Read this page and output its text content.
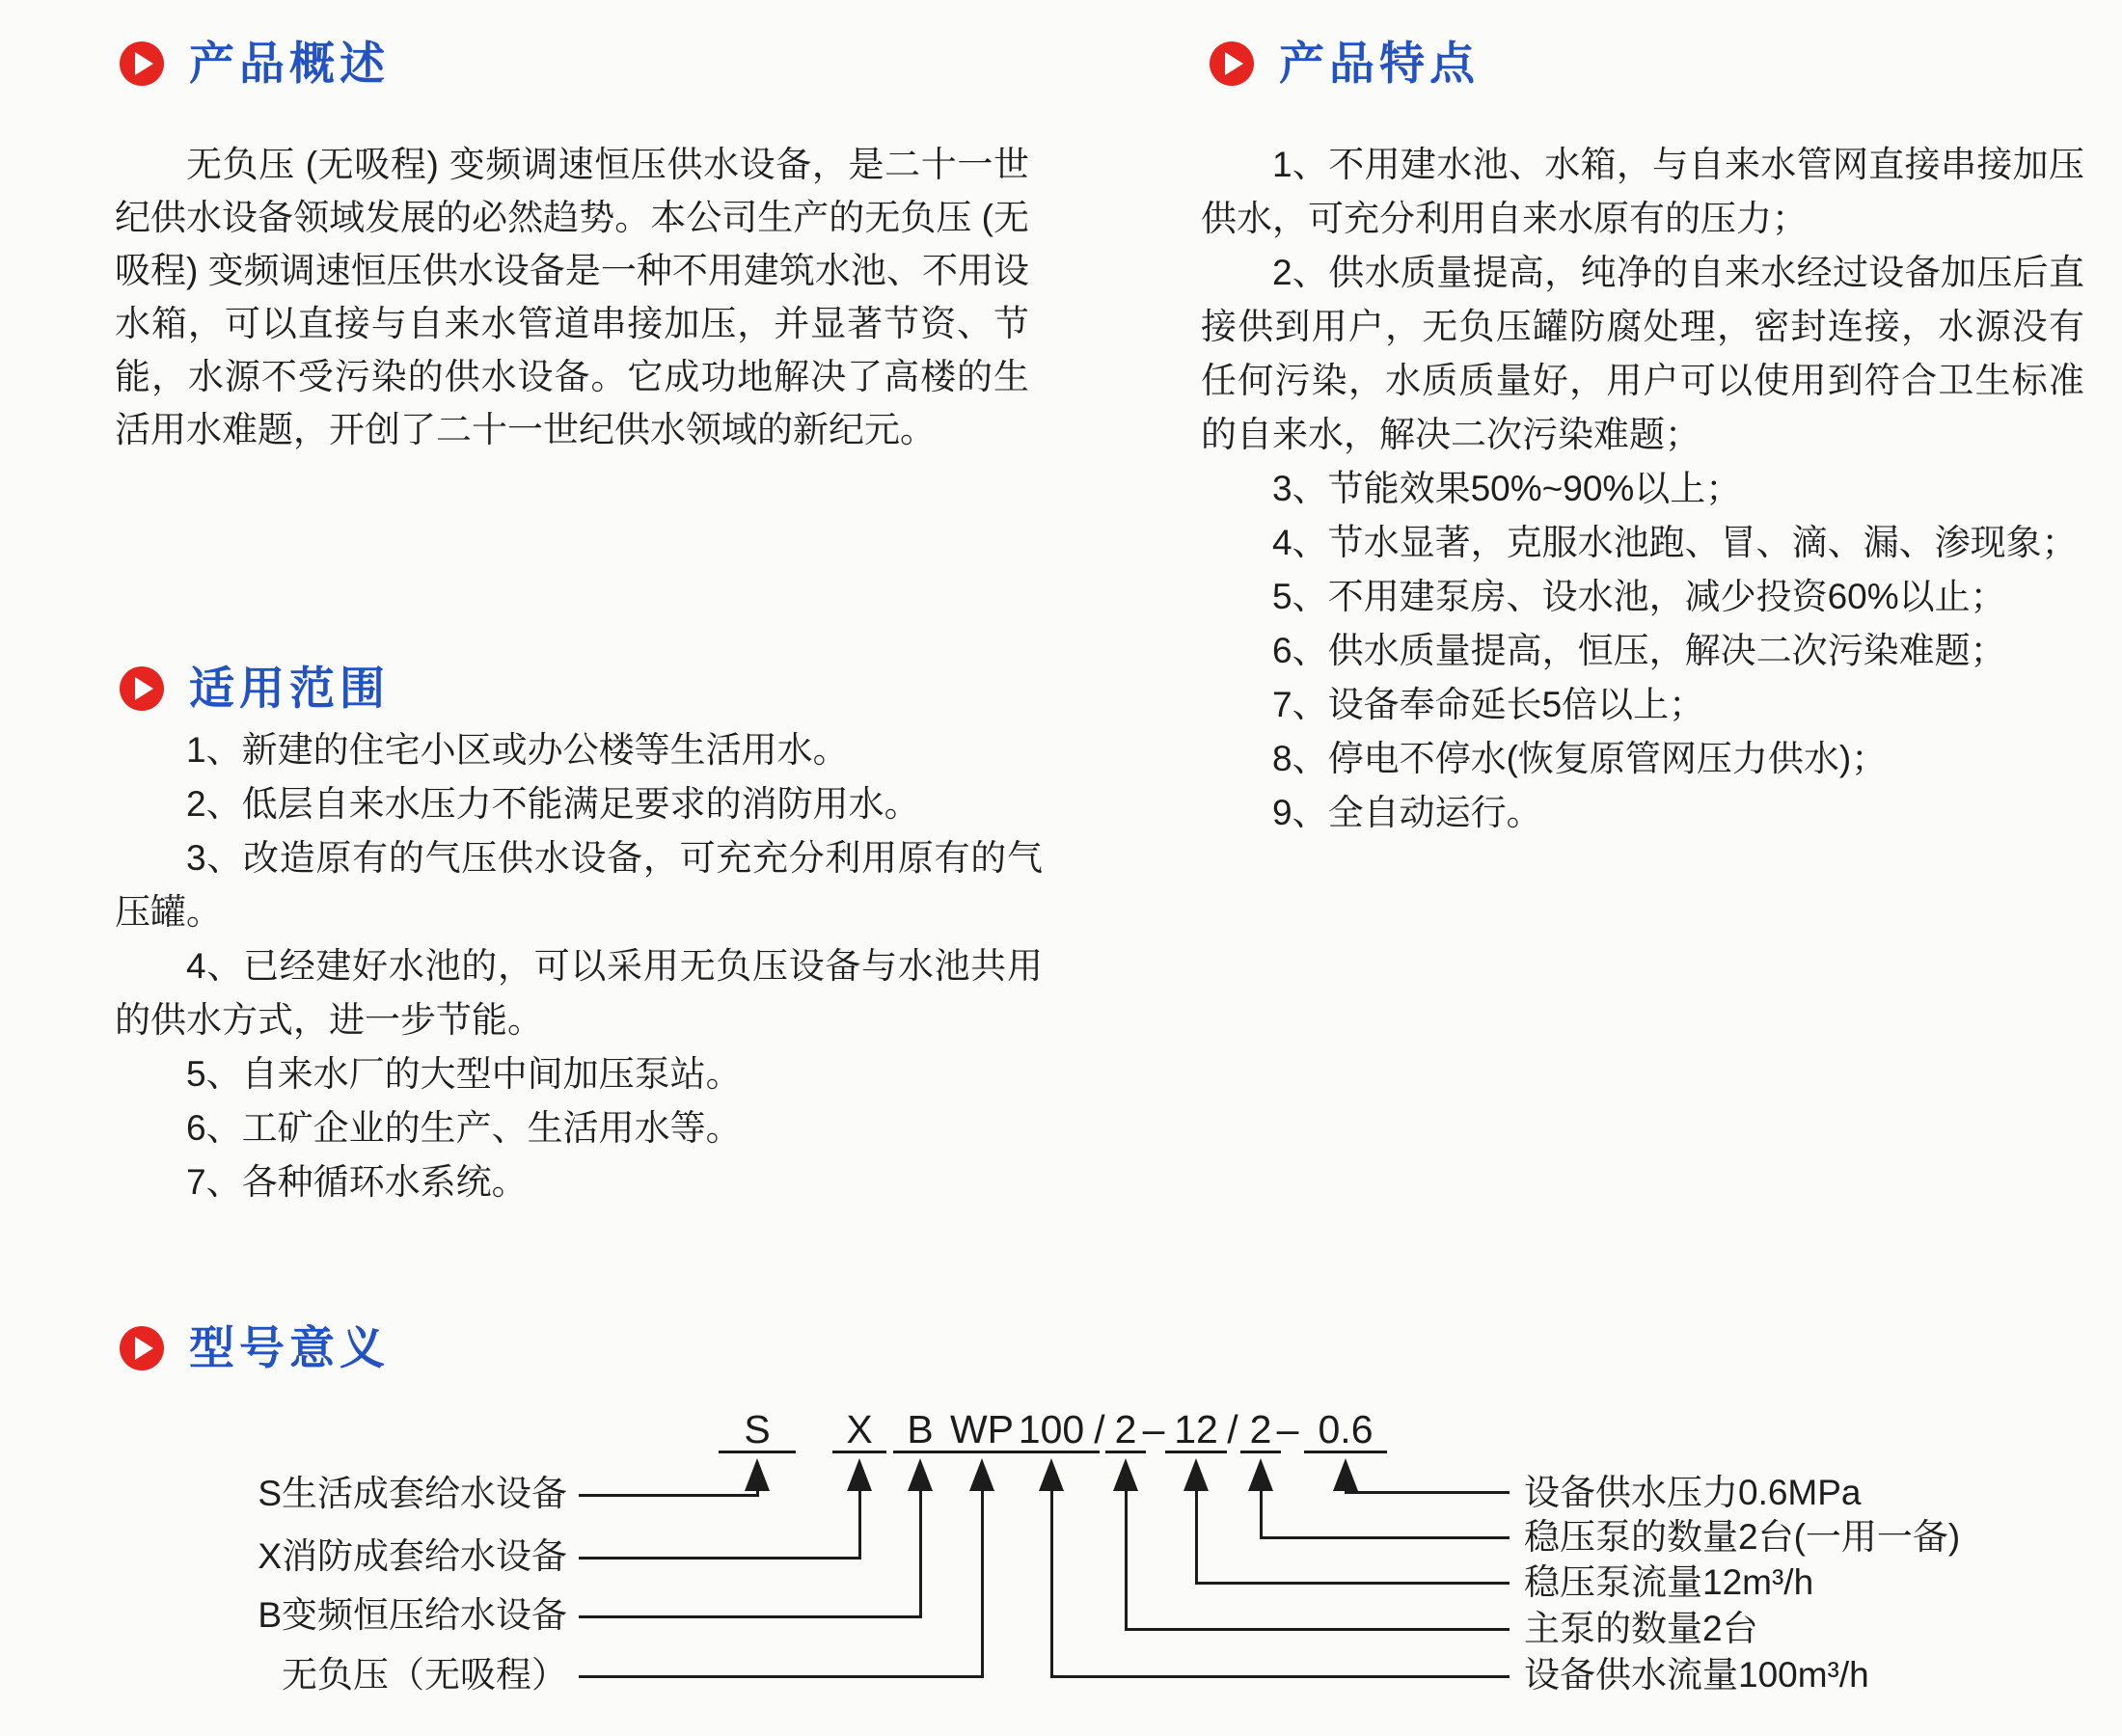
产品概述

无负压 (无吸程) 变频调速恒压供水设备，是二十一世纪供水设备领域发展的必然趋势。本公司生产的无负压 (无吸程) 变频调速恒压供水设备是一种不用建筑水池、不用设水箱，可以直接与自来水管道串接加压，并显著节资、节能，水源不受污染的供水设备。它成功地解决了高楼的生活用水难题，开创了二十一世纪供水领域的新纪元。

产品特点

1、不用建水池、水箱，与自来水管网直接串接加压供水，可充分利用自来水原有的压力；

2、供水质量提高，纯净的自来水经过设备加压后直接供到用户，无负压罐防腐处理，密封连接，水源没有任何污染，水质质量好，用户可以使用到符合卫生标准的自来水，解决二次污染难题；

3、节能效果50%~90%以上；

4、节水显著，克服水池跑、冒、滴、漏、渗现象；

5、不用建泵房、设水池，减少投资60%以止；

6、供水质量提高，恒压，解决二次污染难题；

7、设备奉命延长5倍以上；

8、停电不停水(恢复原管网压力供水)；

9、全自动运行。

适用范围

1、新建的住宅小区或办公楼等生活用水。

2、低层自来水压力不能满足要求的消防用水。

3、改造原有的气压供水设备，可充充分利用原有的气压罐。

4、已经建好水池的，可以采用无负压设备与水池共用的供水方式，进一步节能。

5、自来水厂的大型中间加压泵站。

6、工矿企业的生产、生活用水等。

7、各种循环水系统。

型号意义
S	X B WP 100 / 2 – 12 / 2 – 0.6
S生活成套给水设备
X消防成套给水设备
B变频恒压给水设备
无负压（无吸程）
设备供水压力0.6MPa
稳压泵的数量2台(一用一备)
稳压泵流量12m³/h
主泵的数量2台
设备供水流量100m³/h
